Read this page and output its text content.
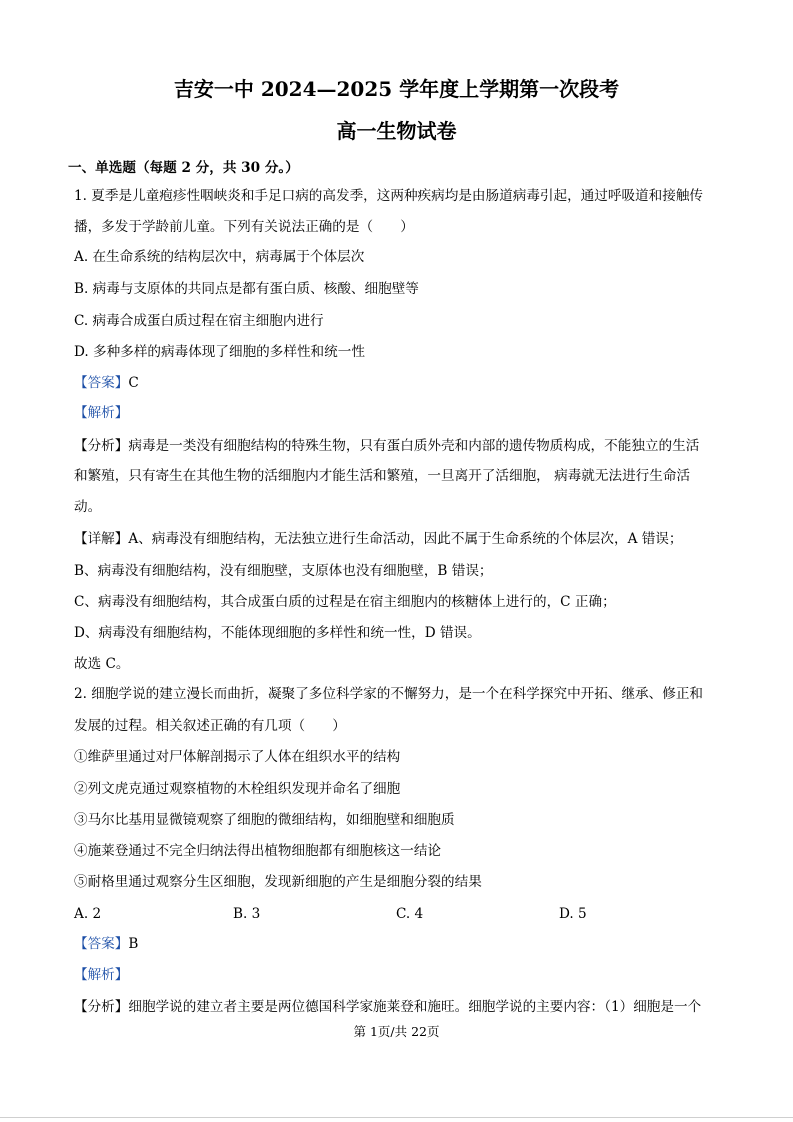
吉安一中 2024—2025 学年度上学期第一次段考
高一生物试卷
一、单选题（每题 2 分，共 30 分。）
1. 夏季是儿童疱疹性咽峡炎和手足口病的高发季，这两种疾病均是由肠道病毒引起，通过呼吸道和接触传
播，多发于学龄前儿童。下列有关说法正确的是（　　）
A. 在生命系统的结构层次中，病毒属于个体层次
B. 病毒与支原体的共同点是都有蛋白质、核酸、细胞壁等
C. 病毒合成蛋白质过程在宿主细胞内进行
D. 多种多样的病毒体现了细胞的多样性和统一性
【答案】C
【解析】
【分析】病毒是一类没有细胞结构的特殊生物，只有蛋白质外壳和内部的遗传物质构成，不能独立的生活
和繁殖，只有寄生在其他生物的活细胞内才能生活和繁殖，一旦离开了活细胞， 病毒就无法进行生命活
动。
【详解】A、病毒没有细胞结构，无法独立进行生命活动，因此不属于生命系统的个体层次，A 错误；
B、病毒没有细胞结构，没有细胞壁，支原体也没有细胞壁，B 错误；
C、病毒没有细胞结构，其合成蛋白质的过程是在宿主细胞内的核糖体上进行的，C 正确；
D、病毒没有细胞结构，不能体现细胞的多样性和统一性，D 错误。
故选 C。
2. 细胞学说的建立漫长而曲折，凝聚了多位科学家的不懈努力，是一个在科学探究中开拓、继承、修正和
发展的过程。相关叙述正确的有几项（　　）
①维萨里通过对尸体解剖揭示了人体在组织水平的结构
②列文虎克通过观察植物的木栓组织发现并命名了细胞
③马尔比基用显微镜观察了细胞的微细结构，如细胞壁和细胞质
④施莱登通过不完全归纳法得出植物细胞都有细胞核这一结论
⑤耐格里通过观察分生区细胞，发现新细胞的产生是细胞分裂的结果
A. 2	B. 3	C. 4	D. 5
【答案】B
【解析】
【分析】细胞学说的建立者主要是两位德国科学家施莱登和施旺。细胞学说的主要内容：（1）细胞是一个
第 1页/共 22页
